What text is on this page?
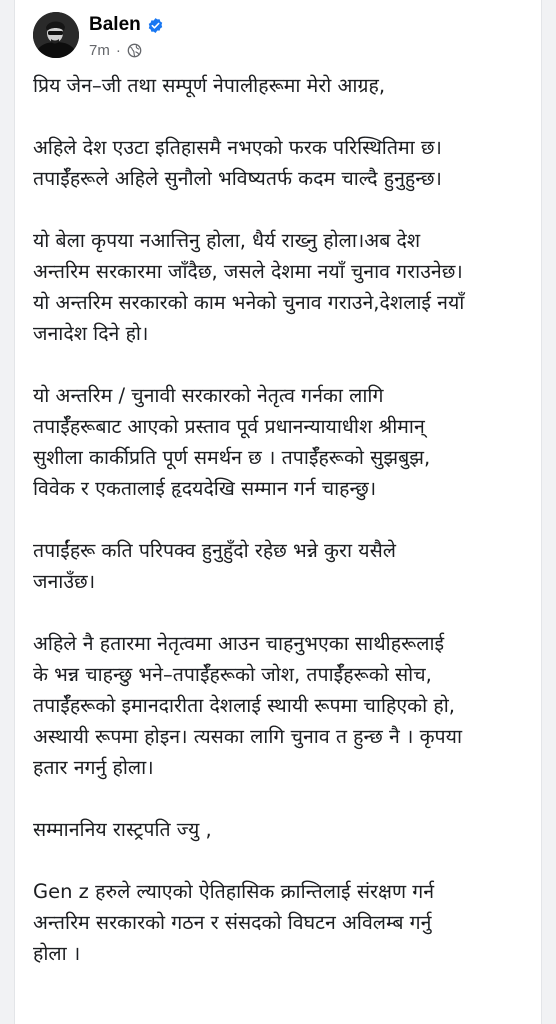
Balen
7m ·

प्रिय जेन–जी तथा सम्पूर्ण नेपालीहरूमा मेरो आग्रह,

अहिले देश एउटा इतिहासमै नभएको फरक परिस्थितिमा छ।
तपाईँहरूले अहिले सुनौलो भविष्यतर्फ कदम चाल्दै हुनुहुन्छ।

यो बेला कृपया नआत्तिनु होला, धैर्य राख्नु होला।अब देश
अन्तरिम सरकारमा जाँदैछ, जसले देशमा नयाँ चुनाव गराउनेछ।
यो अन्तरिम सरकारको काम भनेको चुनाव गराउने,देशलाई नयाँ
जनादेश दिने हो।

यो अन्तरिम / चुनावी सरकारको नेतृत्व गर्नका लागि
तपाईँहरूबाट आएको प्रस्ताव पूर्व प्रधानन्यायाधीश श्रीमान्
सुशीला कार्कीप्रति पूर्ण समर्थन छ । तपाईँहरूको सुझबुझ,
विवेक र एकतालाई हृदयदेखि सम्मान गर्न चाहन्छु।

तपाईंहरू कति परिपक्व हुनुहुँदो रहेछ भन्ने कुरा यसैले
जनाउँछ।

अहिले नै हतारमा नेतृत्वमा आउन चाहनुभएका साथीहरूलाई
के भन्न चाहन्छु भने–तपाईँहरूको जोश, तपाईँहरूको सोच,
तपाईँहरूको इमानदारीता देशलाई स्थायी रूपमा चाहिएको हो,
अस्थायी रूपमा होइन। त्यसका लागि चुनाव त हुन्छ नै । कृपया
हतार नगर्नु होला।

सम्माननिय रास्ट्रपति ज्यु ,

Gen z हरुले ल्याएको ऐतिहासिक क्रान्तिलाई संरक्षण गर्न
अन्तरिम सरकारको गठन र संसदको विघटन अविलम्ब गर्नु
होला ।
